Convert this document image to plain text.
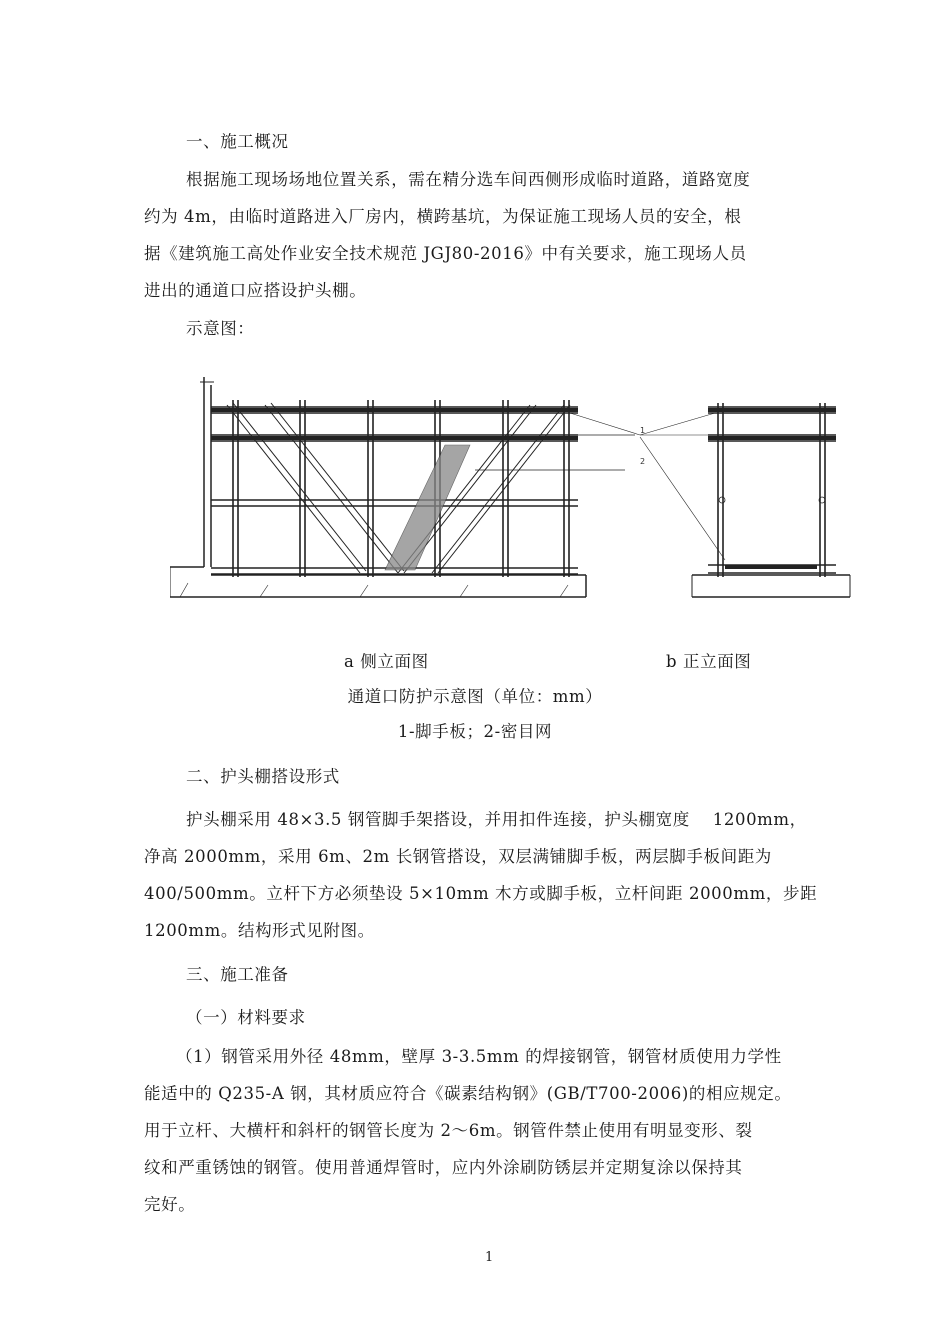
一、施工概况
根据施工现场场地位置关系，需在精分选车间西侧形成临时道路，道路宽度
约为 4m，由临时道路进入厂房内，横跨基坑，为保证施工现场人员的安全，根
据《建筑施工高处作业安全技术规范 JGJ80-2016》中有关要求，施工现场人员
进出的通道口应搭设护头棚。
示意图：
1
2
a 侧立面图	b 正立面图
通道口防护示意图（单位：mm）
1-脚手板；2-密目网
二、护头棚搭设形式
护头棚采用 48×3.5 钢管脚手架搭设，并用扣件连接，护头棚宽度　 1200mm，
净高 2000mm，采用 6m、2m 长钢管搭设，双层满铺脚手板，两层脚手板间距为
400/500mm。立杆下方必须垫设 5×10mm 木方或脚手板，立杆间距 2000mm，步距
1200mm。结构形式见附图。
三、施工准备
（一）材料要求
（1）钢管采用外径 48mm，壁厚 3-3.5mm 的焊接钢管，钢管材质使用力学性
能适中的 Q235-A 钢，其材质应符合《碳素结构钢》(GB/T700-2006)的相应规定。
用于立杆、大横杆和斜杆的钢管长度为 2～6m。钢管件禁止使用有明显变形、裂
纹和严重锈蚀的钢管。使用普通焊管时，应内外涂刷防锈层并定期复涂以保持其
完好。
1
